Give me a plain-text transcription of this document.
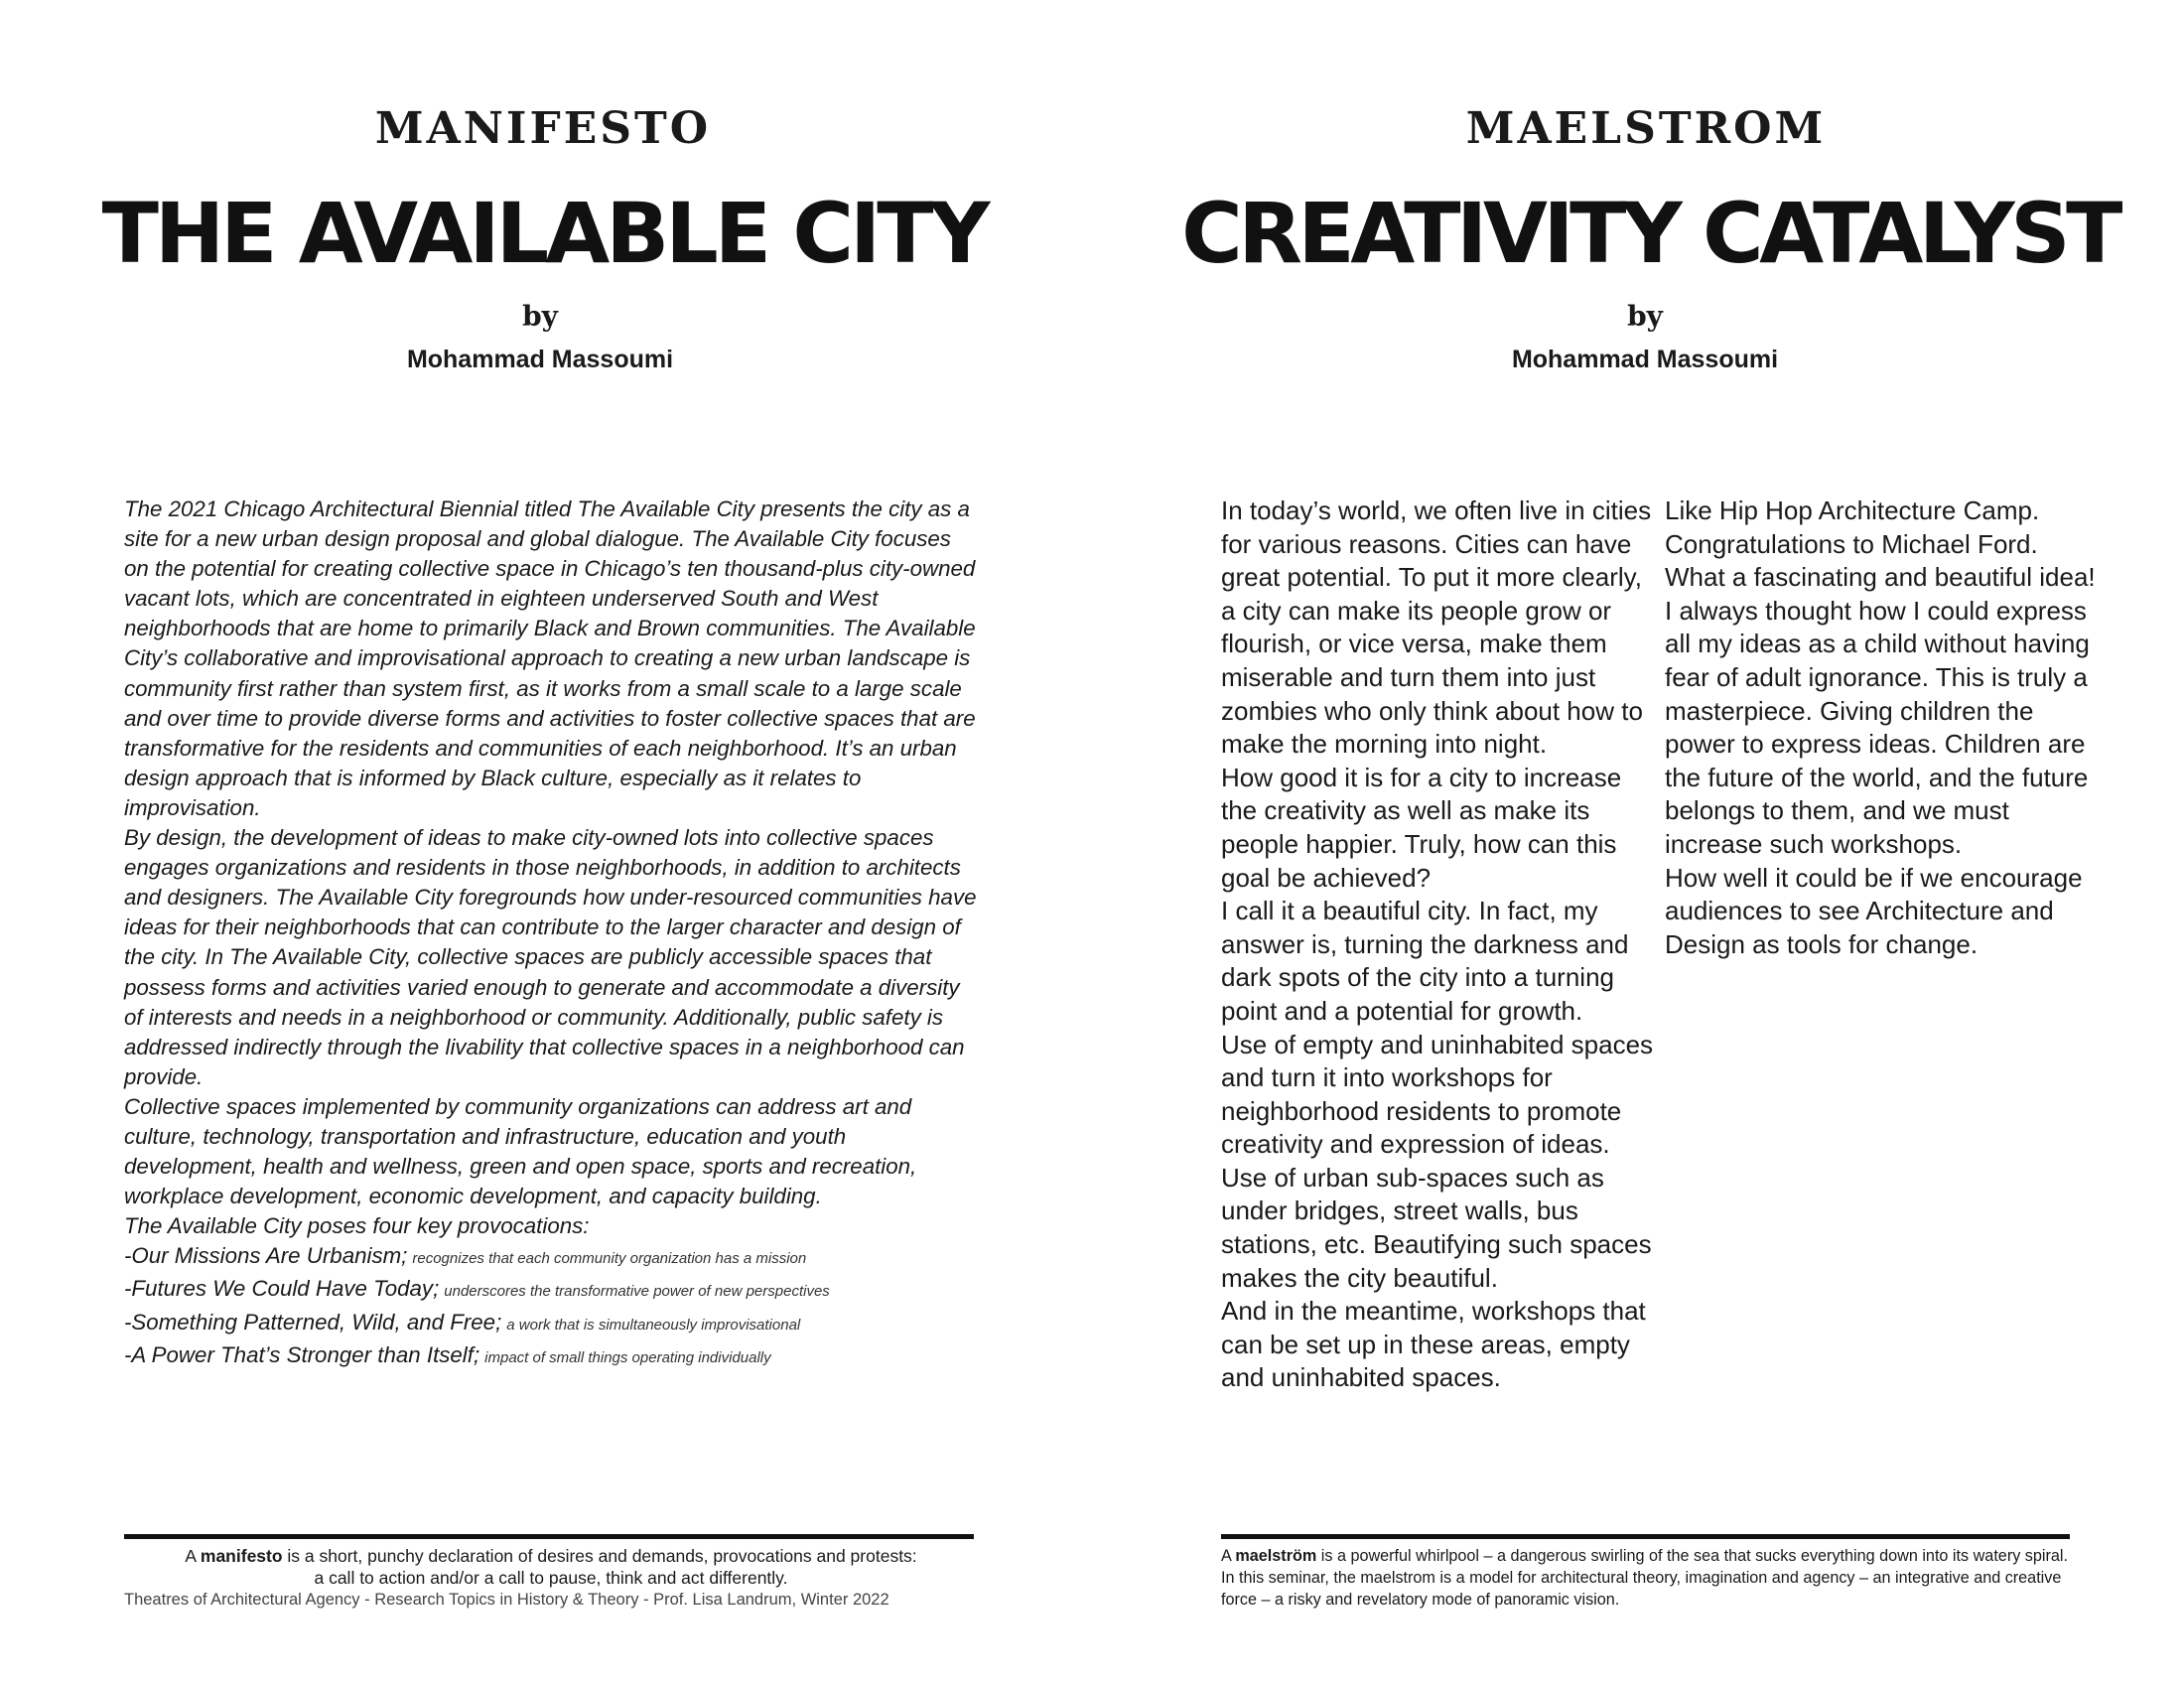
MANIFESTO
THE AVAILABLE CITY
by
Mohammad Massoumi

The 2021 Chicago Architectural Biennial titled The Available City presents the city as a site for a new urban design proposal and global dialogue. The Available City focuses on the potential for creating collective space in Chicago’s ten thousand-plus city-owned vacant lots, which are concentrated in eighteen underserved South and West neighborhoods that are home to primarily Black and Brown communities. The Available City’s collaborative and improvisational approach to creating a new urban landscape is community first rather than system first, as it works from a small scale to a large scale and over time to provide diverse forms and activities to foster collective spaces that are transformative for the residents and communities of each neighborhood. It’s an urban design approach that is informed by Black culture, especially as it relates to improvisation.

By design, the development of ideas to make city-owned lots into collective spaces engages organizations and residents in those neighborhoods, in addition to architects and designers. The Available City foregrounds how under-resourced communities have ideas for their neighborhoods that can contribute to the larger character and design of the city. In The Available City, collective spaces are publicly accessible spaces that possess forms and activities varied enough to generate and accommodate a diversity of interests and needs in a neighborhood or community. Additionally, public safety is addressed indirectly through the livability that collective spaces in a neighborhood can provide.

Collective spaces implemented by community organizations can address art and culture, technology, transportation and infrastructure, education and youth development, health and wellness, green and open space, sports and recreation, workplace development, economic development, and capacity building.

The Available City poses four key provocations:

-Our Missions Are Urbanism; recognizes that each community organization has a mission
-Futures We Could Have Today; underscores the transformative power of new perspectives
-Something Patterned, Wild, and Free; a work that is simultaneously improvisational
-A Power That’s Stronger than Itself; impact of small things operating individually
A manifesto is a short, punchy declaration of desires and demands, provocations and protests:
a call to action and/or a call to pause, think and act differently.
Theatres of Architectural Agency - Research Topics in History & Theory - Prof. Lisa Landrum, Winter 2022
MAELSTROM
CREATIVITY CATALYST
by
Mohammad Massoumi

In today’s world, we often live in cities for various reasons. Cities can have great potential. To put it more clearly, a city can make its people grow or flourish, or vice versa, make them miserable and turn them into just zombies who only think about how to make the morning into night.

How good it is for a city to increase the creativity as well as make its people happier. Truly, how can this goal be achieved?

I call it a beautiful city. In fact, my answer is, turning the darkness and dark spots of the city into a turning point and a potential for growth.

Use of empty and uninhabited spaces and turn it into workshops for neighborhood residents to promote creativity and expression of ideas. Use of urban sub-spaces such as under bridges, street walls, bus stations, etc. Beautifying such spaces makes the city beautiful.

And in the meantime, workshops that can be set up in these areas, empty and uninhabited spaces.

Like Hip Hop Architecture Camp. Congratulations to Michael Ford. What a fascinating and beautiful idea!

I always thought how I could express all my ideas as a child without having fear of adult ignorance. This is truly a masterpiece. Giving children the power to express ideas. Children are the future of the world, and the future belongs to them, and we must increase such workshops.

How well it could be if we encourage audiences to see Architecture and Design as tools for change.

A maelström is a powerful whirlpool – a dangerous swirling of the sea that sucks everything down into its watery spiral. In this seminar, the maelstrom is a model for architectural theory, imagination and agency – an integrative and creative force – a risky and revelatory mode of panoramic vision.
